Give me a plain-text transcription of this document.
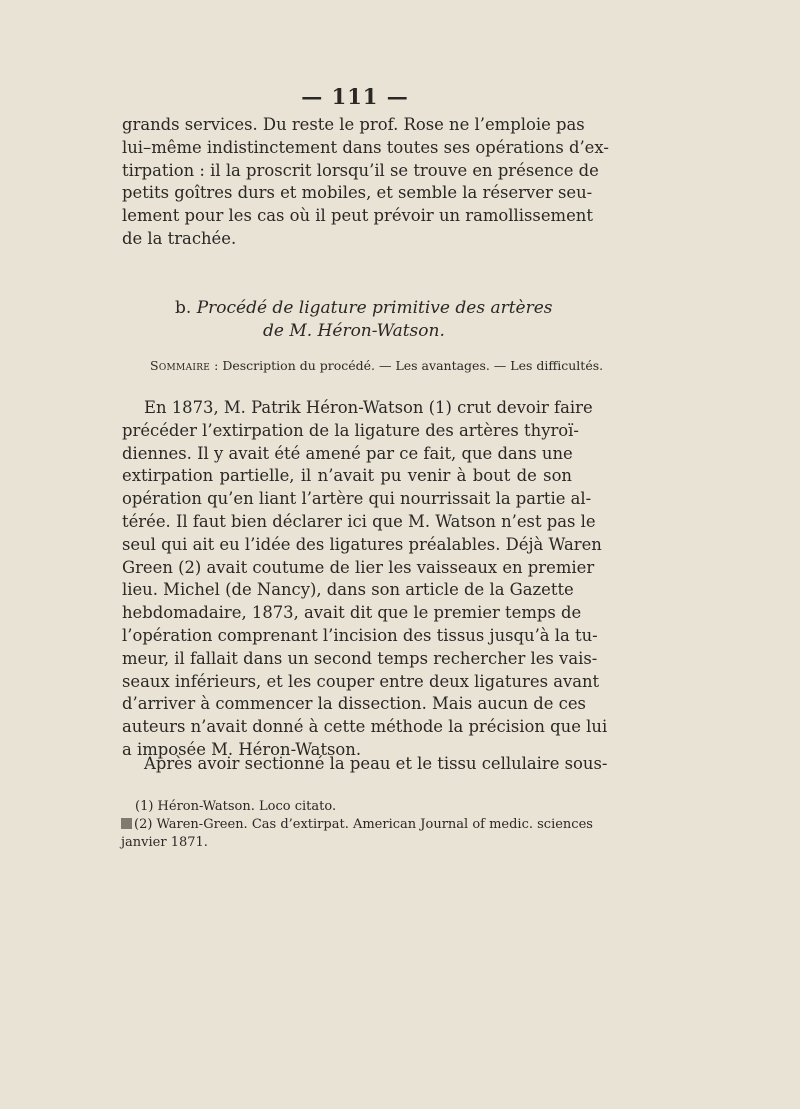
— 111 —
grands services. Du reste le prof. Rose ne l’emploie pas
lui–même indistinctement dans toutes ses opérations d’ex-
tirpation : il la proscrit lorsqu’il se trouve en présence de
petits goîtres durs et mobiles, et semble la réserver seu-
lement pour les cas où il peut prévoir un ramollissement
de la trachée.
b. Procédé de ligature primitive des artères
de M. Héron-Watson.
Sommaire : Description du procédé. — Les avantages. — Les difficultés.
En 1873, M. Patrik Héron-Watson (1) crut devoir faire
précéder l’extirpation de la ligature des artères thyroï-
diennes. Il y avait été amené par ce fait, que dans une
extirpation partielle, il n’avait pu venir à bout de son
opération qu’en liant l’artère qui nourrissait la partie al-
térée. Il faut bien déclarer ici que M. Watson n’est pas le
seul qui ait eu l’idée des ligatures préalables. Déjà Waren
Green (2) avait coutume de lier les vaisseaux en premier
lieu. Michel (de Nancy), dans son article de la Gazette
hebdomadaire, 1873, avait dit que le premier temps de
l’opération comprenant l’incision des tissus jusqu’à la tu-
meur, il fallait dans un second temps rechercher les vais-
seaux inférieurs, et les couper entre deux ligatures avant
d’arriver à commencer la dissection. Mais aucun de ces
auteurs n’avait donné à cette méthode la précision que lui
a imposée M. Héron-Watson.
Après avoir sectionné la peau et le tissu cellulaire sous-
(1) Héron-Watson. Loco citato.
(2) Waren-Green. Cas d’extirpat. American Journal of medic. sciences
janvier 1871.
